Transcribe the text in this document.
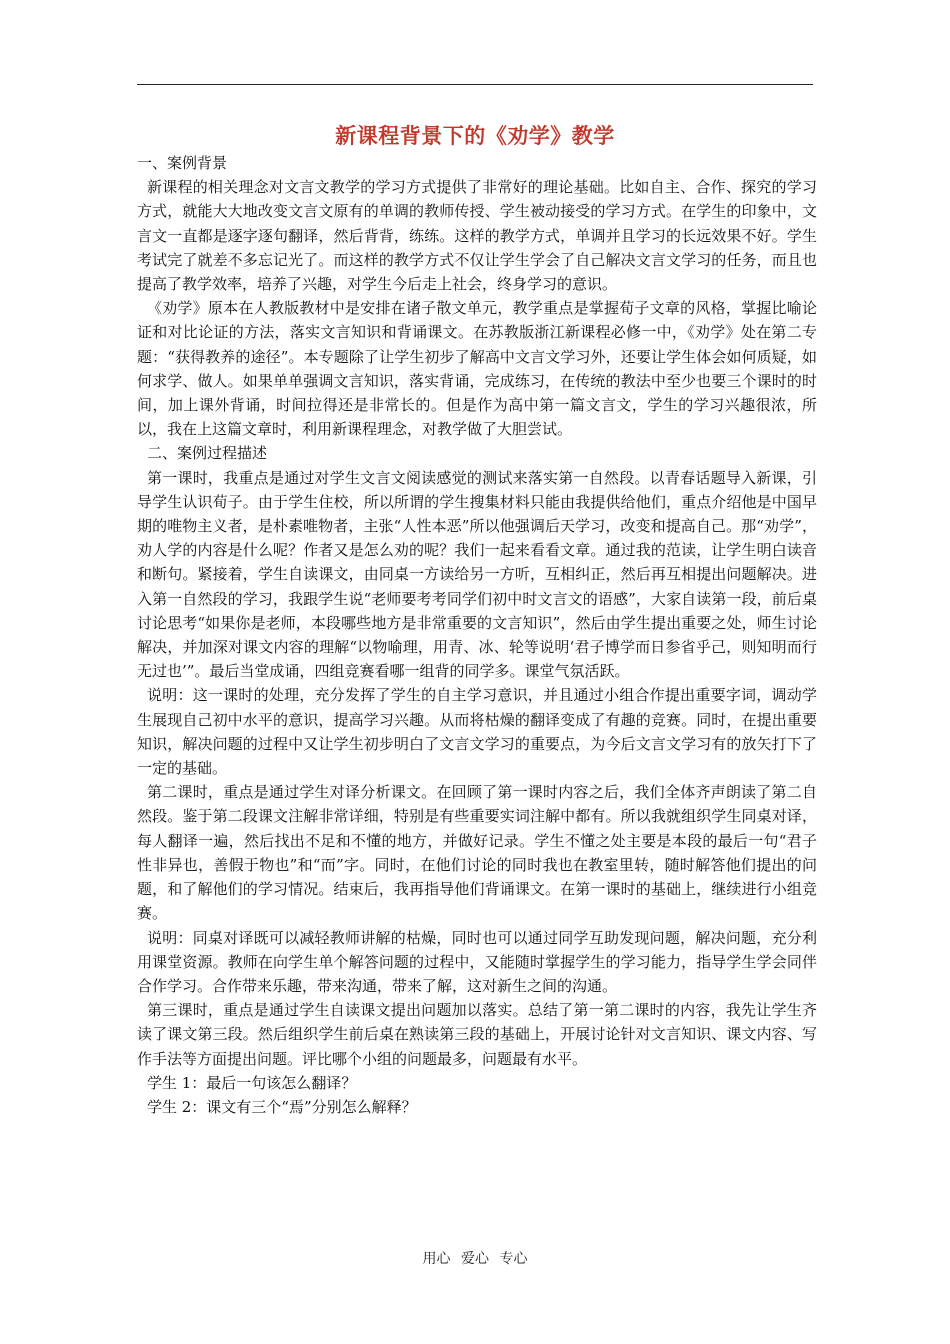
新课程背景下的《劝学》教学

一、案例背景

新课程的相关理念对文言文教学的学习方式提供了非常好的理论基础。比如自主、合作、探究的学习方式，就能大大地改变文言文原有的单调的教师传授、学生被动接受的学习方式。在学生的印象中，文言文一直都是逐字逐句翻译，然后背背，练练。这样的教学方式，单调并且学习的长远效果不好。学生考试完了就差不多忘记光了。而这样的教学方式不仅让学生学会了自己解决文言文学习的任务，而且也提高了教学效率，培养了兴趣，对学生今后走上社会，终身学习的意识。

《劝学》原本在人教版教材中是安排在诸子散文单元，教学重点是掌握荀子文章的风格，掌握比喻论证和对比论证的方法，落实文言知识和背诵课文。在苏教版浙江新课程必修一中，《劝学》处在第二专题：“获得教养的途径”。本专题除了让学生初步了解高中文言文学习外，还要让学生体会如何质疑，如何求学、做人。如果单单强调文言知识，落实背诵，完成练习，在传统的教法中至少也要三个课时的时间，加上课外背诵，时间拉得还是非常长的。但是作为高中第一篇文言文，学生的学习兴趣很浓，所以，我在上这篇文章时，利用新课程理念，对教学做了大胆尝试。

二、案例过程描述

第一课时，我重点是通过对学生文言文阅读感觉的测试来落实第一自然段。以青春话题导入新课，引导学生认识荀子。由于学生住校，所以所谓的学生搜集材料只能由我提供给他们，重点介绍他是中国早期的唯物主义者，是朴素唯物者，主张“人性本恶”所以他强调后天学习，改变和提高自己。那“劝学”，劝人学的内容是什么呢？作者又是怎么劝的呢？我们一起来看看文章。通过我的范读，让学生明白读音和断句。紧接着，学生自读课文，由同桌一方读给另一方听，互相纠正，然后再互相提出问题解决。进入第一自然段的学习，我跟学生说“老师要考考同学们初中时文言文的语感”，大家自读第一段，前后桌讨论思考“如果你是老师，本段哪些地方是非常重要的文言知识”，然后由学生提出重要之处，师生讨论解决，并加深对课文内容的理解“以物喻理，用青、冰、轮等说明‘君子博学而日参省乎己，则知明而行无过也’”。最后当堂成诵，四组竞赛看哪一组背的同学多。课堂气氛活跃。

说明：这一课时的处理，充分发挥了学生的自主学习意识，并且通过小组合作提出重要字词，调动学生展现自己初中水平的意识，提高学习兴趣。从而将枯燥的翻译变成了有趣的竞赛。同时，在提出重要知识，解决问题的过程中又让学生初步明白了文言文学习的重要点，为今后文言文学习有的放矢打下了一定的基础。

第二课时，重点是通过学生对译分析课文。在回顾了第一课时内容之后，我们全体齐声朗读了第二自然段。鉴于第二段课文注解非常详细，特别是有些重要实词注解中都有。所以我就组织学生同桌对译，每人翻译一遍，然后找出不足和不懂的地方，并做好记录。学生不懂之处主要是本段的最后一句“君子性非异也，善假于物也”和“而”字。同时，在他们讨论的同时我也在教室里转，随时解答他们提出的问题，和了解他们的学习情况。结束后，我再指导他们背诵课文。在第一课时的基础上，继续进行小组竞赛。

说明：同桌对译既可以减轻教师讲解的枯燥，同时也可以通过同学互助发现问题，解决问题，充分利用课堂资源。教师在向学生单个解答问题的过程中，又能随时掌握学生的学习能力，指导学生学会同伴合作学习。合作带来乐趣，带来沟通，带来了解，这对新生之间的沟通。

第三课时，重点是通过学生自读课文提出问题加以落实。总结了第一第二课时的内容，我先让学生齐读了课文第三段。然后组织学生前后桌在熟读第三段的基础上，开展讨论针对文言知识、课文内容、写作手法等方面提出问题。评比哪个小组的问题最多，问题最有水平。

学生 1：最后一句该怎么翻译？

学生 2：课文有三个“焉”分别怎么解释？

用心 爱心 专心
